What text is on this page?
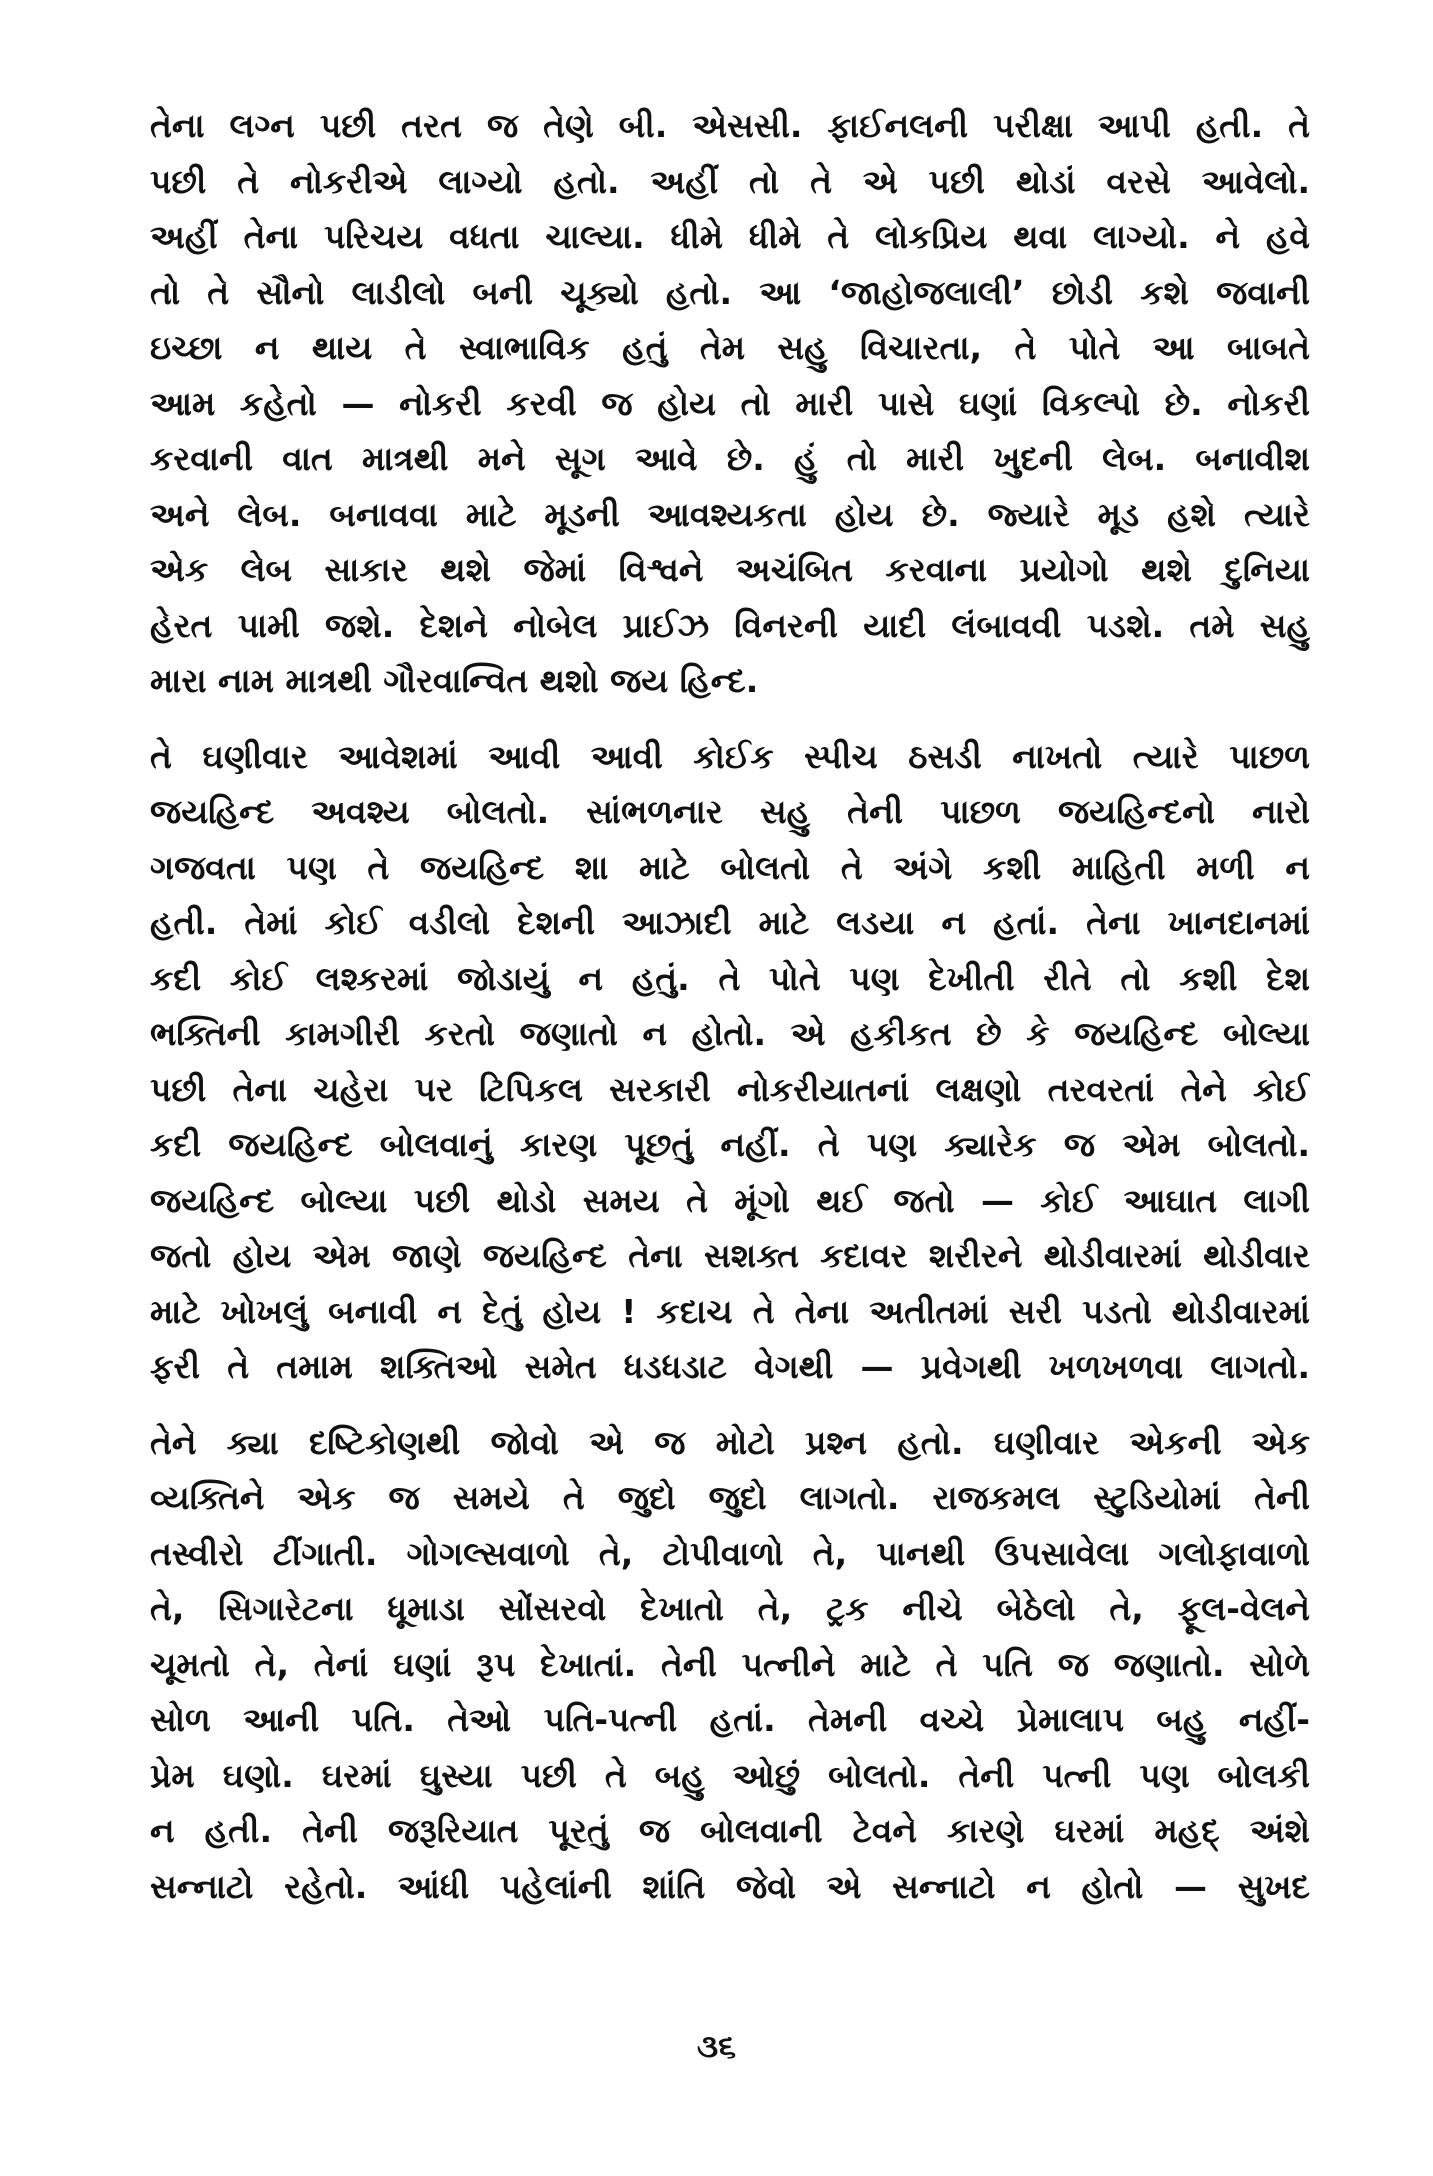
તેના લગ્ન પછી તરત જ તેણે બી. એસસી. ફાઈનલની પરીક્ષા આપી હતી. તે
પછી તે નોકરીએ લાગ્યો હતો. અહીં તો તે એ પછી થોડાં વરસે આવેલો.
અહીં તેના પરિચય વધતા ચાલ્યા. ધીમે ધીમે તે લોકપ્રિય થવા લાગ્યો. ને હવે
તો તે સૌનો લાડીલો બની ચૂક્યો હતો. આ ‘જાહોજલાલી’ છોડી કશે જવાની
ઇચ્છા ન થાય તે સ્વાભાવિક હતું તેમ સહુ વિચારતા, તે પોતે આ બાબતે
આમ કહેતો — નોકરી કરવી જ હોય તો મારી પાસે ઘણાં વિકલ્પો છે. નોકરી
કરવાની વાત માત્રથી મને સૂગ આવે છે. હું તો મારી ખુદની લેબ. બનાવીશ
અને લેબ. બનાવવા માટે મૂડની આવશ્યકતા હોય છે. જ્યારે મૂડ હશે ત્યારે
એક લેબ સાકાર થશે જેમાં વિશ્વને અચંબિત કરવાના પ્રયોગો થશે દુનિયા
હેરત પામી જશે. દેશને નોબેલ પ્રાઈઝ વિનરની યાદી લંબાવવી પડશે. તમે સહુ
મારા નામ માત્રથી ગૌરવાન્વિત થશો જય હિન્દ.
તે ઘણીવાર આવેશમાં આવી આવી કોઈક સ્પીચ ઠસડી નાખતો ત્યારે પાછળ
જયહિન્દ અવશ્ય બોલતો. સાંભળનાર સહુ તેની પાછળ જયહિન્દનો નારો
ગજવતા પણ તે જયહિન્દ શા માટે બોલતો તે અંગે કશી માહિતી મળી ન
હતી. તેમાં કોઈ વડીલો દેશની આઝાદી માટે લડયા ન હતાં. તેના ખાનદાનમાં
કદી કોઈ લશ્કરમાં જોડાયું ન હતું. તે પોતે પણ દેખીતી રીતે તો કશી દેશ
ભક્તિની કામગીરી કરતો જણાતો ન હોતો. એ હકીકત છે કે જયહિન્દ બોલ્યા
પછી તેના ચહેરા પર ટિપિકલ સરકારી નોકરીયાતનાં લક્ષણો તરવરતાં તેને કોઈ
કદી જયહિન્દ બોલવાનું કારણ પૂછતું નહીં. તે પણ ક્યારેક જ એમ બોલતો.
જયહિન્દ બોલ્યા પછી થોડો સમય તે મૂંગો થઈ જતો — કોઈ આઘાત લાગી
જતો હોય એમ જાણે જયહિન્દ તેના સશક્ત કદાવર શરીરને થોડીવારમાં થોડીવાર
માટે ખોખલું બનાવી ન દેતું હોય ! કદાચ તે તેના અતીતમાં સરી પડતો થોડીવારમાં
ફરી તે તમામ શક્તિઓ સમેત ધડધડાટ વેગથી — પ્રવેગથી ખળખળવા લાગતો.
તેને ક્યા દષ્ટિકોણથી જોવો એ જ મોટો પ્રશ્ન હતો. ઘણીવાર એકની એક
વ્યક્તિને એક જ સમયે તે જુદો જુદો લાગતો. રાજકમલ સ્ટુડિયોમાં તેની
તસ્વીરો ટીંગાતી. ગોગલ્સવાળો તે, ટોપીવાળો તે, પાનથી ઉપસાવેલા ગલોફાવાળો
તે, સિગારેટના ધૂમાડા સોંસરવો દેખાતો તે, ટ્રક નીચે બેઠેલો તે, ફૂલ-વેલને
ચૂમતો તે, તેનાં ઘણાં રૂપ દેખાતાં. તેની પત્નીને માટે તે પતિ જ જણાતો. સોળે
સોળ આની પતિ. તેઓ પતિ-પત્ની હતાં. તેમની વચ્ચે પ્રેમાલાપ બહુ નહીં-
પ્રેમ ઘણો. ઘરમાં ઘુસ્યા પછી તે બહુ ઓછું બોલતો. તેની પત્ની પણ બોલકી
ન હતી. તેની જરૂરિયાત પૂરતું જ બોલવાની ટેવને કારણે ઘરમાં મહદ્ અંશે
સન્નાટો રહેતો. આંધી પહેલાંની શાંતિ જેવો એ સન્નાટો ન હોતો — સુખદ
૩૬
